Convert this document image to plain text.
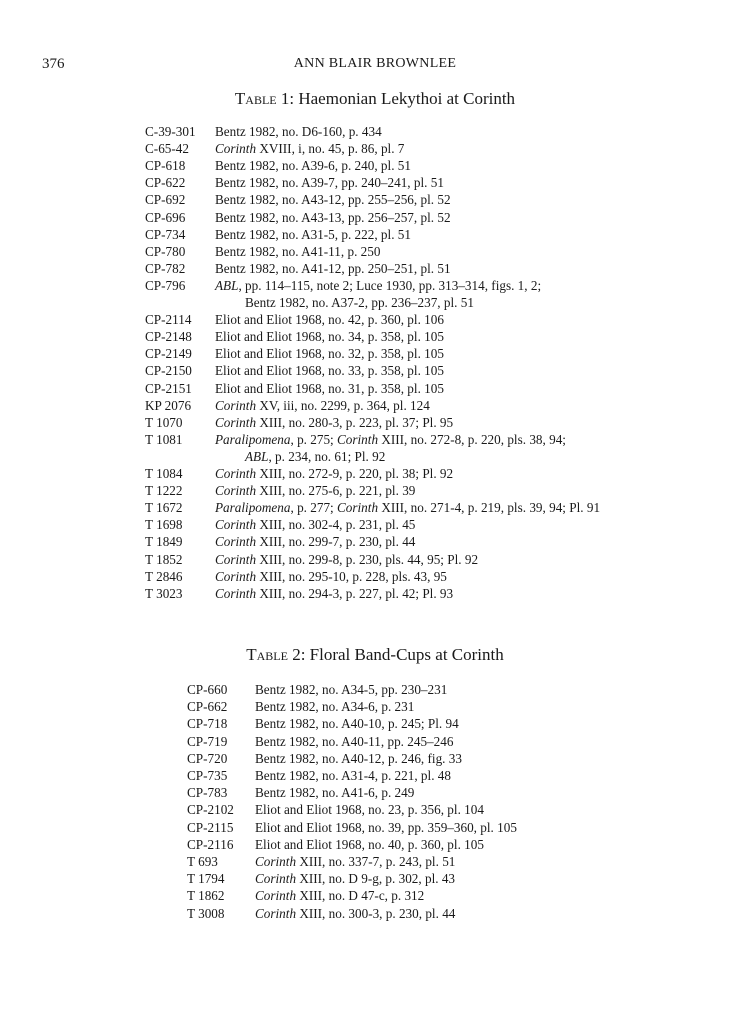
376	ANN BLAIR BROWNLEE
Table 1: Haemonian Lekythoi at Corinth
C-39-301 Bentz 1982, no. D6-160, p. 434
C-65-42 Corinth XVIII, i, no. 45, p. 86, pl. 7
CP-618 Bentz 1982, no. A39-6, p. 240, pl. 51
CP-622 Bentz 1982, no. A39-7, pp. 240–241, pl. 51
CP-692 Bentz 1982, no. A43-12, pp. 255–256, pl. 52
CP-696 Bentz 1982, no. A43-13, pp. 256–257, pl. 52
CP-734 Bentz 1982, no. A31-5, p. 222, pl. 51
CP-780 Bentz 1982, no. A41-11, p. 250
CP-782 Bentz 1982, no. A41-12, pp. 250–251, pl. 51
CP-796 ABL, pp. 114–115, note 2; Luce 1930, pp. 313–314, figs. 1, 2;
Bentz 1982, no. A37-2, pp. 236–237, pl. 51
CP-2114 Eliot and Eliot 1968, no. 42, p. 360, pl. 106
CP-2148 Eliot and Eliot 1968, no. 34, p. 358, pl. 105
CP-2149 Eliot and Eliot 1968, no. 32, p. 358, pl. 105
CP-2150 Eliot and Eliot 1968, no. 33, p. 358, pl. 105
CP-2151 Eliot and Eliot 1968, no. 31, p. 358, pl. 105
KP 2076 Corinth XV, iii, no. 2299, p. 364, pl. 124
T 1070 Corinth XIII, no. 280-3, p. 223, pl. 37; Pl. 95
T 1081 Paralipomena, p. 275; Corinth XIII, no. 272-8, p. 220, pls. 38, 94;
ABL, p. 234, no. 61; Pl. 92
T 1084 Corinth XIII, no. 272-9, p. 220, pl. 38; Pl. 92
T 1222 Corinth XIII, no. 275-6, p. 221, pl. 39
T 1672 Paralipomena, p. 277; Corinth XIII, no. 271-4, p. 219, pls. 39, 94; Pl. 91
T 1698 Corinth XIII, no. 302-4, p. 231, pl. 45
T 1849 Corinth XIII, no. 299-7, p. 230, pl. 44
T 1852 Corinth XIII, no. 299-8, p. 230, pls. 44, 95; Pl. 92
T 2846 Corinth XIII, no. 295-10, p. 228, pls. 43, 95
T 3023 Corinth XIII, no. 294-3, p. 227, pl. 42; Pl. 93
Table 2: Floral Band-Cups at Corinth
CP-660 Bentz 1982, no. A34-5, pp. 230–231
CP-662 Bentz 1982, no. A34-6, p. 231
CP-718 Bentz 1982, no. A40-10, p. 245; Pl. 94
CP-719 Bentz 1982, no. A40-11, pp. 245–246
CP-720 Bentz 1982, no. A40-12, p. 246, fig. 33
CP-735 Bentz 1982, no. A31-4, p. 221, pl. 48
CP-783 Bentz 1982, no. A41-6, p. 249
CP-2102 Eliot and Eliot 1968, no. 23, p. 356, pl. 104
CP-2115 Eliot and Eliot 1968, no. 39, pp. 359–360, pl. 105
CP-2116 Eliot and Eliot 1968, no. 40, p. 360, pl. 105
T 693	Corinth XIII, no. 337-7, p. 243, pl. 51
T 1794 Corinth XIII, no. D 9-g, p. 302, pl. 43
T 1862 Corinth XIII, no. D 47-c, p. 312
T 3008 Corinth XIII, no. 300-3, p. 230, pl. 44
